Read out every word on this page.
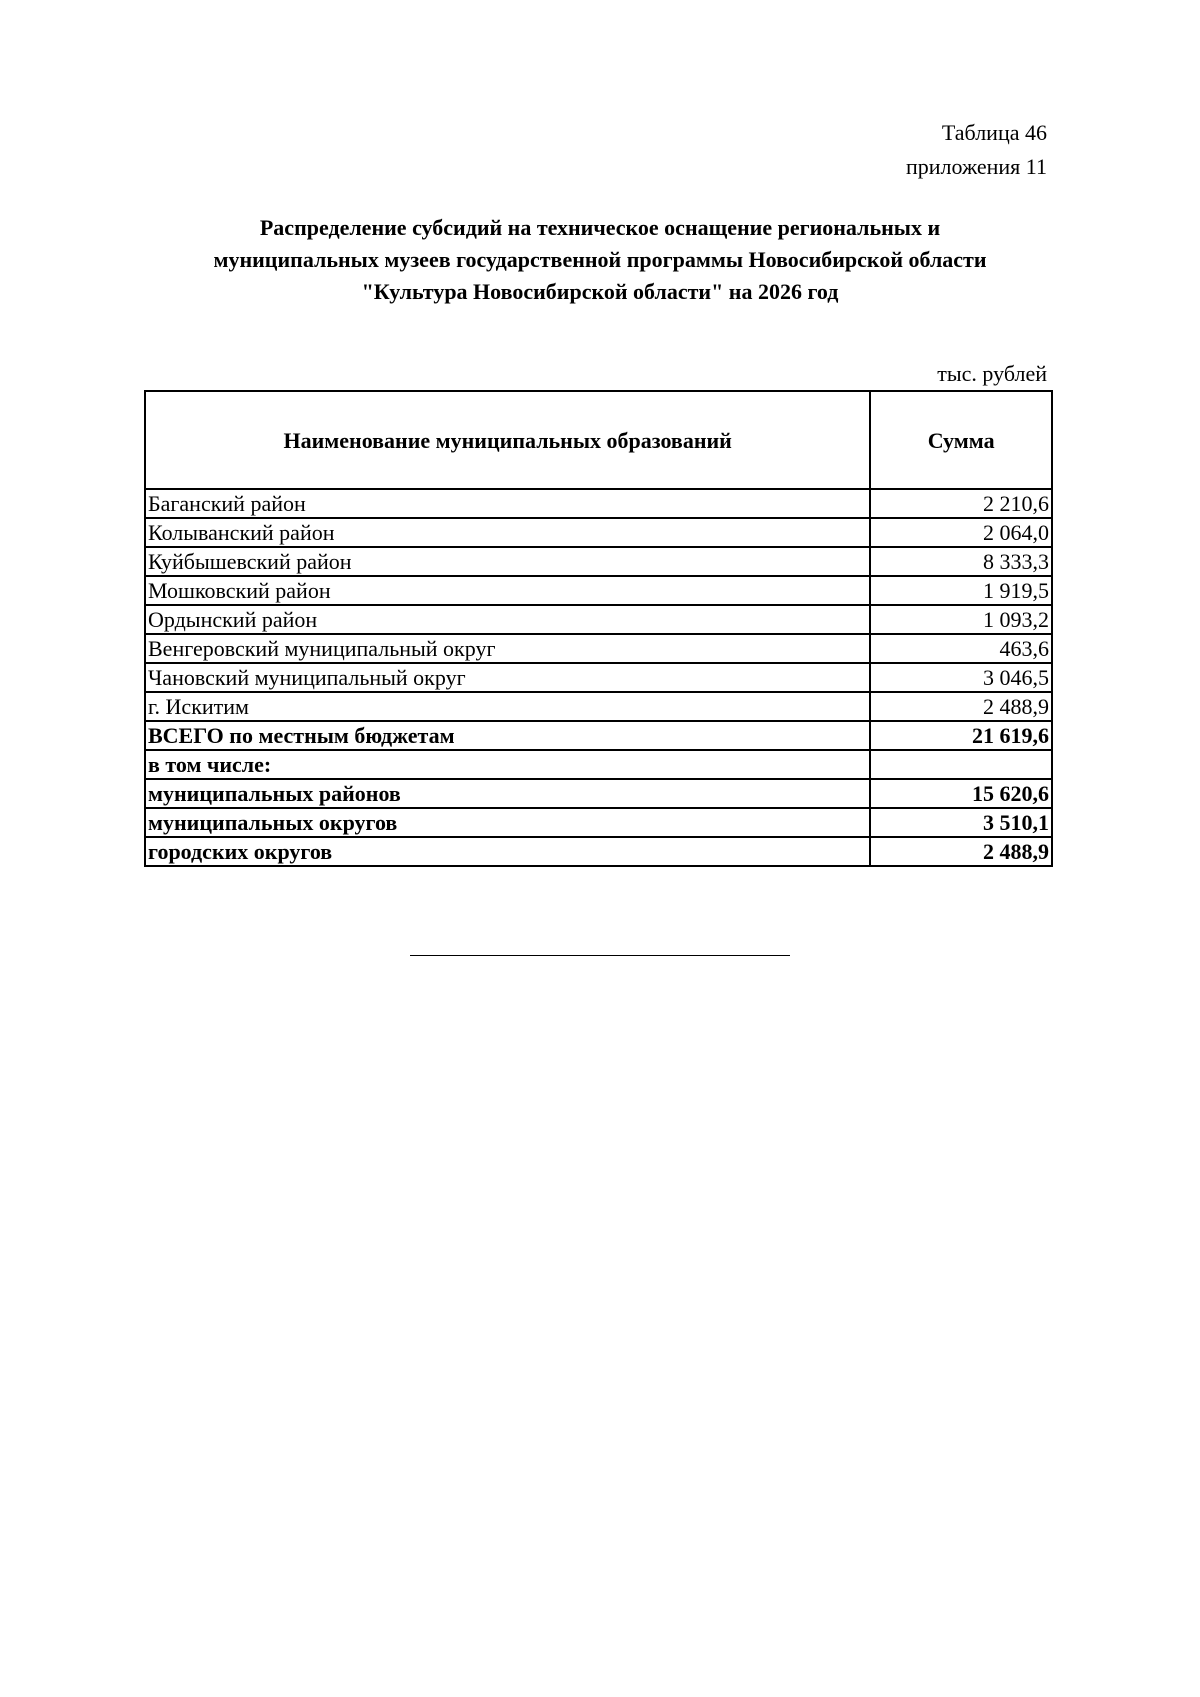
Таблица 46
приложения 11
Распределение субсидий на техническое оснащение региональных и
муниципальных музеев государственной программы Новосибирской области
"Культура Новосибирской области" на 2026 год
тыс. рублей
Наименование муниципальных образований	Сумма
Баганский район	2 210,6
Колыванский район	2 064,0
Куйбышевский район	8 333,3
Мошковский район	1 919,5
Ордынский район	1 093,2
Венгеровский муниципальный округ	463,6
Чановский муниципальный округ	3 046,5
г. Искитим	2 488,9
ВСЕГО по местным бюджетам	21 619,6
в том числе:	
муниципальных районов	15 620,6
муниципальных округов	3 510,1
городских округов	2 488,9
